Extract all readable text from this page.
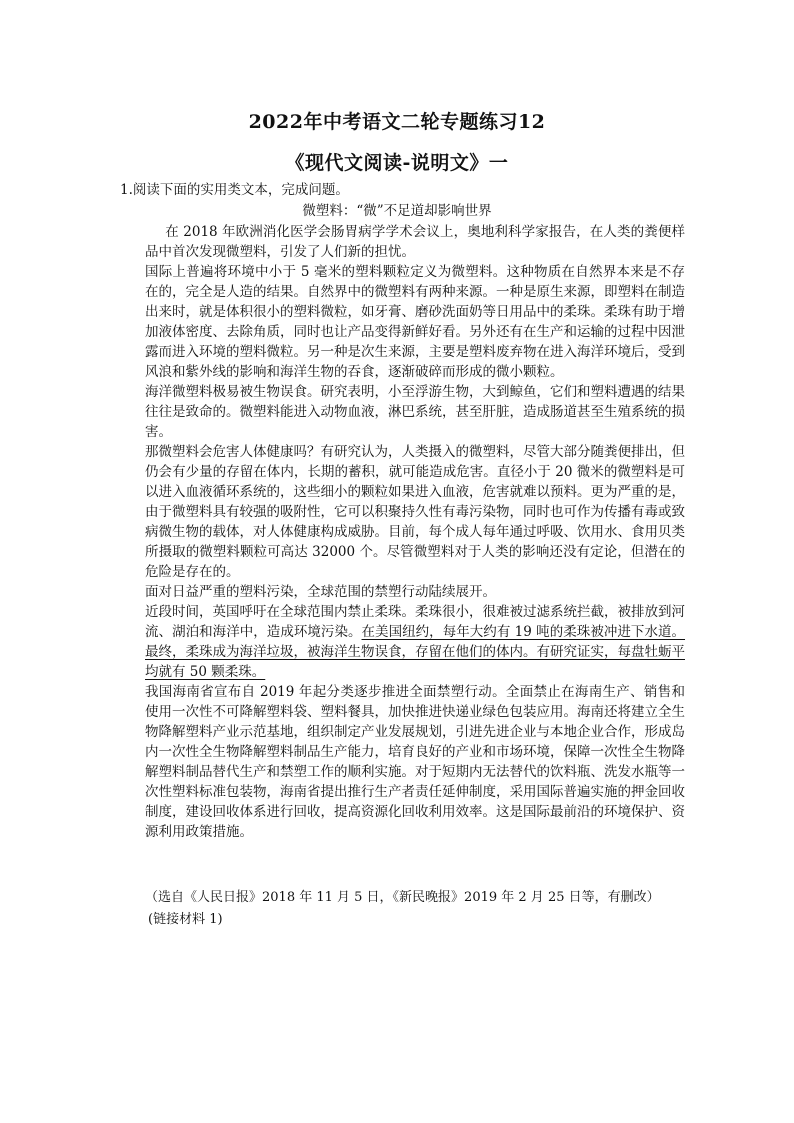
2022年中考语文二轮专题练习12
《现代文阅读-说明文》一
1.阅读下面的实用类文本，完成问题。
微塑料：“微”不足道却影响世界

在 2018 年欧洲消化医学会肠胃病学学术会议上，奥地利科学家报告，在人类的粪便样品中首次发现微塑料，引发了人们新的担忧。

国际上普遍将环境中小于 5 毫米的塑料颗粒定义为微塑料。这种物质在自然界本来是不存在的，完全是人造的结果。自然界中的微塑料有两种来源。一种是原生来源，即塑料在制造出来时，就是体积很小的塑料微粒，如牙膏、磨砂洗面奶等日用品中的柔珠。柔珠有助于增加液体密度、去除角质，同时也让产品变得新鲜好看。另外还有在生产和运输的过程中因泄露而进入环境的塑料微粒。另一种是次生来源，主要是塑料废弃物在进入海洋环境后，受到风浪和紫外线的影响和海洋生物的吞食，逐渐破碎而形成的微小颗粒。

海洋微塑料极易被生物误食。研究表明，小至浮游生物，大到鲸鱼，它们和塑料遭遇的结果往往是致命的。微塑料能进入动物血液，淋巴系统，甚至肝脏，造成肠道甚至生殖系统的损害。

那微塑料会危害人体健康吗？有研究认为，人类摄入的微塑料，尽管大部分随粪便排出，但仍会有少量的存留在体内，长期的蓄积，就可能造成危害。直径小于 20 微米的微塑料是可以进入血液循环系统的，这些细小的颗粒如果进入血液，危害就难以预料。更为严重的是，由于微塑料具有较强的吸附性，它可以积聚持久性有毒污染物，同时也可作为传播有毒或致病微生物的载体，对人体健康构成威胁。目前，每个成人每年通过呼吸、饮用水、食用贝类所摄取的微塑料颗粒可高达 32000 个。尽管微塑料对于人类的影响还没有定论，但潜在的危险是存在的。

面对日益严重的塑料污染，全球范围的禁塑行动陆续展开。

近段时间，英国呼吁在全球范围内禁止柔珠。柔珠很小，很难被过滤系统拦截，被排放到河流、湖泊和海洋中，造成环境污染。在美国纽约，每年大约有 19 吨的柔珠被冲进下水道。最终，柔珠成为海洋垃圾，被海洋生物误食，存留在他们的体内。有研究证实，每盘牡蛎平均就有 50 颗柔珠。

我国海南省宣布自 2019 年起分类逐步推进全面禁塑行动。全面禁止在海南生产、销售和使用一次性不可降解塑料袋、塑料餐具，加快推进快递业绿色包装应用。海南还将建立全生物降解塑料产业示范基地，组织制定产业发展规划，引进先进企业与本地企业合作，形成岛内一次性全生物降解塑料制品生产能力，培育良好的产业和市场环境，保障一次性全生物降解塑料制品替代生产和禁塑工作的顺利实施。对于短期内无法替代的饮料瓶、洗发水瓶等一次性塑料标准包装物，海南省提出推行生产者责任延伸制度，采用国际普遍实施的押金回收制度，建设回收体系进行回收，提高资源化回收利用效率。这是国际最前沿的环境保护、资源利用政策措施。

（选自《人民日报》2018 年 11 月 5 日，《新民晚报》2019 年 2 月 25 日等，有删改）

(链接材料 1)
